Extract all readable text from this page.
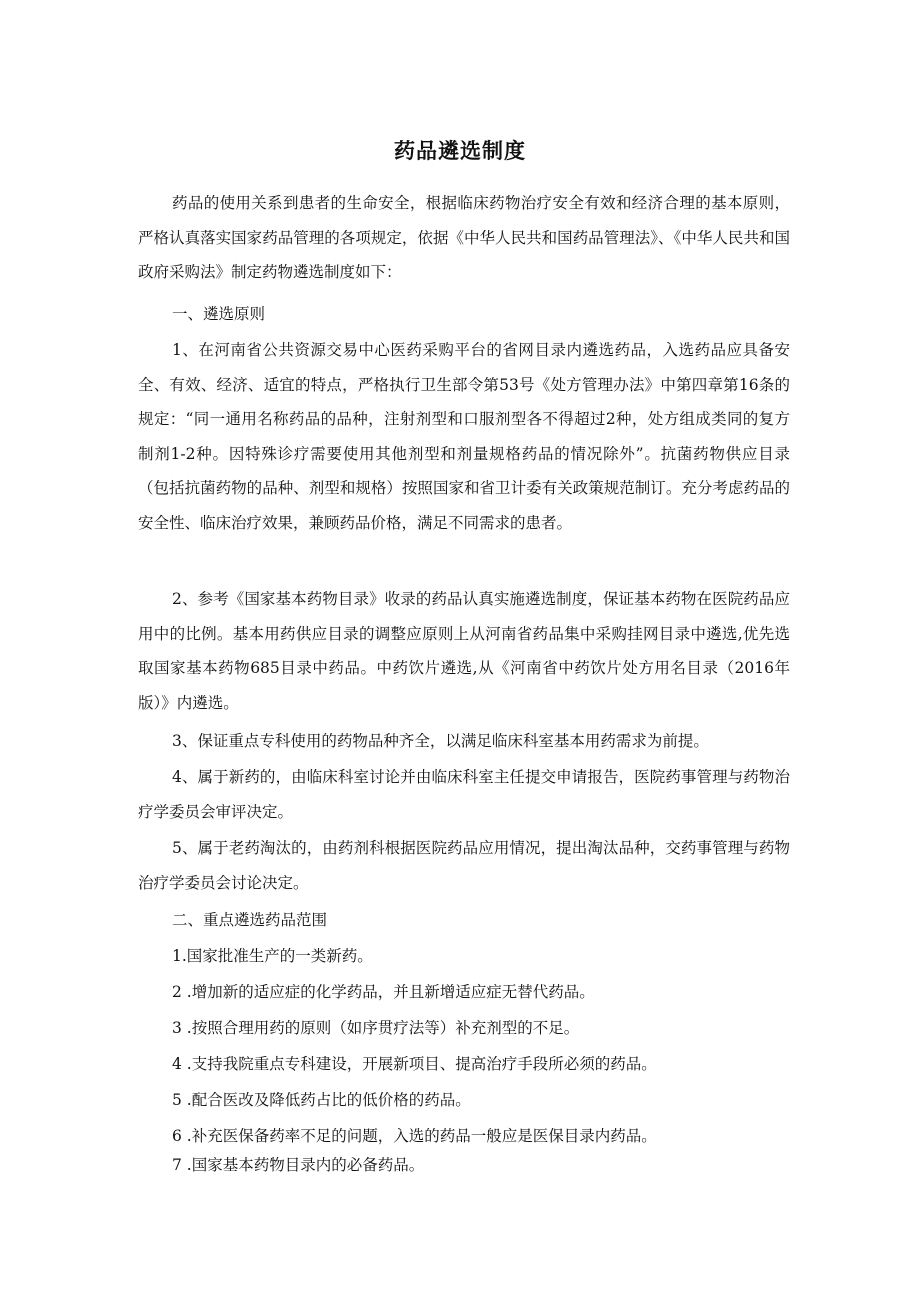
药品遴选制度

药品的使用关系到患者的生命安全，根据临床药物治疗安全有效和经济合理的基本原则，严格认真落实国家药品管理的各项规定，依据《中华人民共和国药品管理法》、《中华人民共和国政府采购法》制定药物遴选制度如下：

一、遴选原则

1、在河南省公共资源交易中心医药采购平台的省网目录内遴选药品，入选药品应具备安全、有效、经济、适宜的特点，严格执行卫生部令第53号《处方管理办法》中第四章第16条的规定：“同一通用名称药品的品种，注射剂型和口服剂型各不得超过2种，处方组成类同的复方制剂1-2种。因特殊诊疗需要使用其他剂型和剂量规格药品的情况除外”。抗菌药物供应目录（包括抗菌药物的品种、剂型和规格）按照国家和省卫计委有关政策规范制订。充分考虑药品的安全性、临床治疗效果，兼顾药品价格，满足不同需求的患者。

2、参考《国家基本药物目录》收录的药品认真实施遴选制度，保证基本药物在医院药品应用中的比例。基本用药供应目录的调整应原则上从河南省药品集中采购挂网目录中遴选,优先选取国家基本药物685目录中药品。中药饮片遴选,从《河南省中药饮片处方用名目录（2016年版）》内遴选。

3、保证重点专科使用的药物品种齐全，以满足临床科室基本用药需求为前提。

4、属于新药的，由临床科室讨论并由临床科室主任提交申请报告，医院药事管理与药物治疗学委员会审评决定。

5、属于老药淘汰的，由药剂科根据医院药品应用情况，提出淘汰品种，交药事管理与药物治疗学委员会讨论决定。

二、重点遴选药品范围

1.国家批准生产的一类新药。

2 .增加新的适应症的化学药品，并且新增适应症无替代药品。

3 .按照合理用药的原则（如序贯疗法等）补充剂型的不足。

4 .支持我院重点专科建设，开展新项目、提高治疗手段所必须的药品。

5 .配合医改及降低药占比的低价格的药品。

6 .补充医保备药率不足的问题，入选的药品一般应是医保目录内药品。

7 .国家基本药物目录内的必备药品。
